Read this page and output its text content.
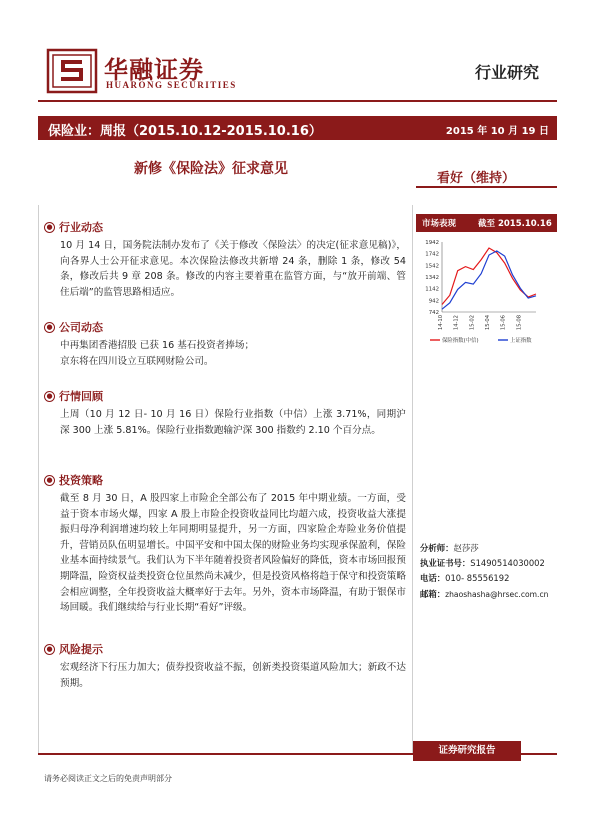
华融证券
HUARONG SECURITIES
行业研究
保险业：周报（2015.10.12-2015.10.16）	2015 年 10 月 19 日
新修《保险法》征求意见
看好（维持）
● 行业动态

10 月 14 日，国务院法制办发布了《关于修改〈保险法〉的决定(征求意见稿)》，向各界人士公开征求意见。本次保险法修改共新增 24 条，删除 1 条，修改 54 条，修改后共 9 章 208 条。修改的内容主要着重在监管方面，与“放开前端、管住后端”的监管思路相适应。

● 公司动态

中再集团香港招股 已获 16 基石投资者捧场；

京东将在四川设立互联网财险公司。

● 行情回顾

上周（10 月 12 日- 10 月 16 日）保险行业指数（中信）上涨 3.71%，同期沪深 300 上涨 5.81%。保险行业指数跑输沪深 300 指数约 2.10 个百分点。

● 投资策略

截至 8 月 30 日，A 股四家上市险企全部公布了 2015 年中期业绩。一方面，受益于资本市场火爆，四家 A 股上市险企投资收益同比均超六成，投资收益大涨提振归母净利润增速均较上年同期明显提升，另一方面，四家险企寿险业务价值提升，营销员队伍明显增长。中国平安和中国太保的财险业务均实现承保盈利，保险业基本面持续景气。我们认为下半年随着投资者风险偏好的降低，资本市场回报预期降温，险资权益类投资仓位虽然尚未减少，但是投资风格将趋于保守和投资策略会相应调整，全年投资收益大概率好于去年。另外，资本市场降温，有助于银保市场回暖。我们继续给与行业长期“看好”评级。

● 风险提示

宏观经济下行压力加大；债券投资收益不振，创新类投资渠道风险加大；新政不达预期。

市场表现	截至 2015.10.16
1942
1742
1542
1342
1142
942
742
14-10 14-12 15-02 15-04 15-06 15-08
保险指数(中信)	上证指数
分析师：赵莎莎
执业证书号：S1490514030002
电话：010- 85556192
邮箱：zhaoshasha@hrsec.com.cn
证券研究报告
请务必阅读正文之后的免责声明部分
